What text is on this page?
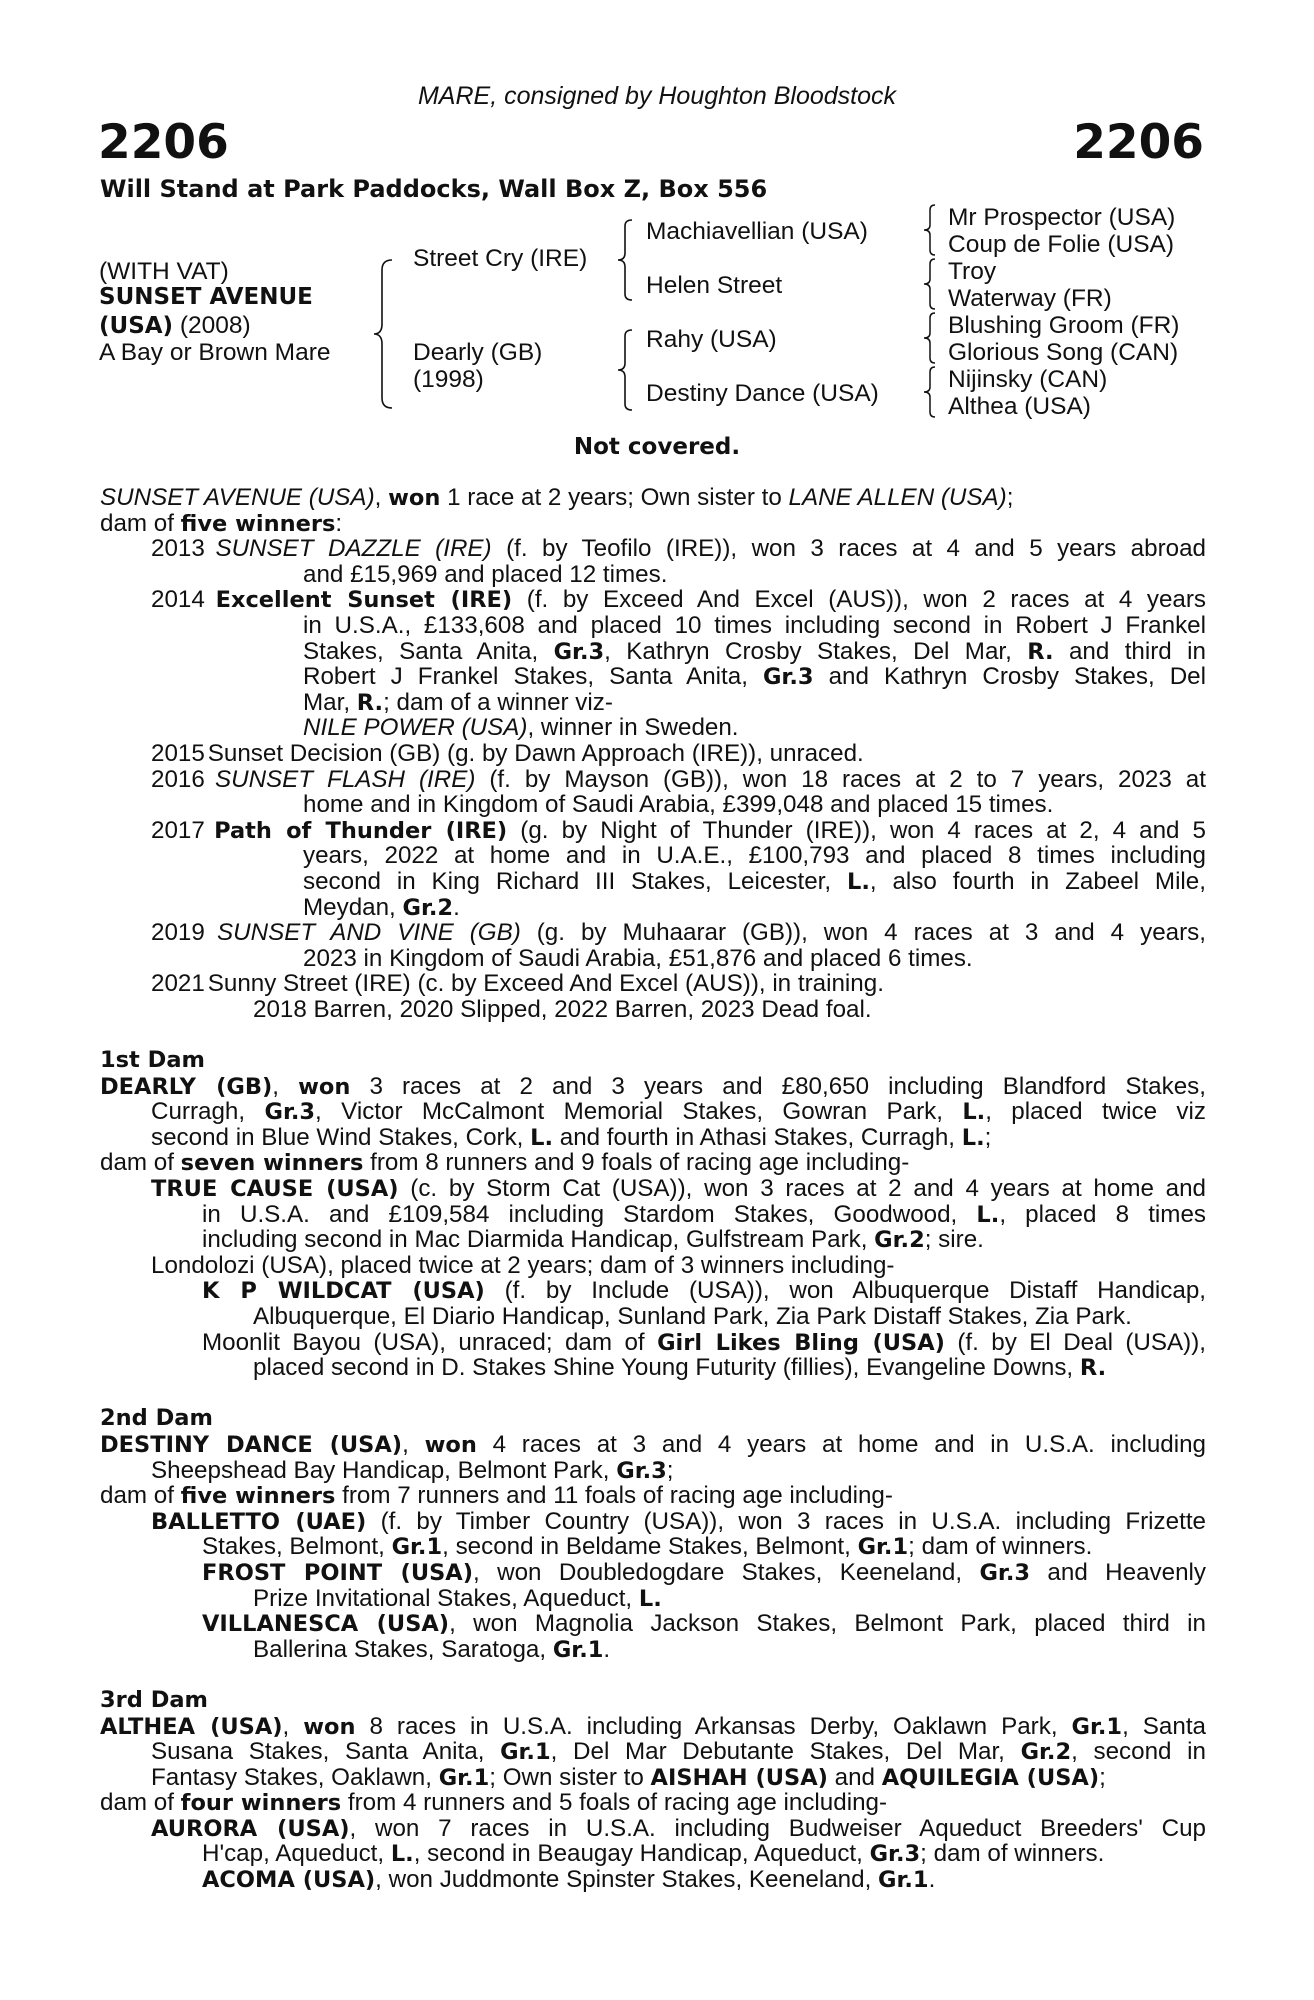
MARE, consigned by Houghton Bloodstock
2206	2206
Will Stand at Park Paddocks, Wall Box Z, Box 556
(WITH VAT)
SUNSET AVENUE
(USA) (2008)
A Bay or Brown Mare
Street Cry (IRE)
Dearly (GB)
(1998)
Machiavellian (USA)
Helen Street
Rahy (USA)
Destiny Dance (USA)
Mr Prospector (USA)
Coup de Folie (USA)
Troy
Waterway (FR)
Blushing Groom (FR)
Glorious Song (CAN)
Nijinsky (CAN)
Althea (USA)
Not covered.
SUNSET AVENUE (USA), won 1 race at 2 years; Own sister to LANE ALLEN (USA);
dam of five winners:
2013 SUNSET DAZZLE (IRE) (f. by Teofilo (IRE)), won 3 races at 4 and 5 years abroad
and £15,969 and placed 12 times.
2014 Excellent Sunset (IRE) (f. by Exceed And Excel (AUS)), won 2 races at 4 years
in U.S.A., £133,608 and placed 10 times including second in Robert J Frankel
Stakes, Santa Anita, Gr.3, Kathryn Crosby Stakes, Del Mar, R. and third in
Robert J Frankel Stakes, Santa Anita, Gr.3 and Kathryn Crosby Stakes, Del
Mar, R.; dam of a winner viz-
NILE POWER (USA), winner in Sweden.
2015 Sunset Decision (GB) (g. by Dawn Approach (IRE)), unraced.
2016 SUNSET FLASH (IRE) (f. by Mayson (GB)), won 18 races at 2 to 7 years, 2023 at
home and in Kingdom of Saudi Arabia, £399,048 and placed 15 times.
2017 Path of Thunder (IRE) (g. by Night of Thunder (IRE)), won 4 races at 2, 4 and 5
years, 2022 at home and in U.A.E., £100,793 and placed 8 times including
second in King Richard III Stakes, Leicester, L., also fourth in Zabeel Mile,
Meydan, Gr.2.
2019 SUNSET AND VINE (GB) (g. by Muhaarar (GB)), won 4 races at 3 and 4 years,
2023 in Kingdom of Saudi Arabia, £51,876 and placed 6 times.
2021 Sunny Street (IRE) (c. by Exceed And Excel (AUS)), in training.
2018 Barren, 2020 Slipped, 2022 Barren, 2023 Dead foal.
1st Dam
DEARLY (GB), won 3 races at 2 and 3 years and £80,650 including Blandford Stakes,
Curragh, Gr.3, Victor McCalmont Memorial Stakes, Gowran Park, L., placed twice viz
second in Blue Wind Stakes, Cork, L. and fourth in Athasi Stakes, Curragh, L.;
dam of seven winners from 8 runners and 9 foals of racing age including-
TRUE CAUSE (USA) (c. by Storm Cat (USA)), won 3 races at 2 and 4 years at home and
in U.S.A. and £109,584 including Stardom Stakes, Goodwood, L., placed 8 times
including second in Mac Diarmida Handicap, Gulfstream Park, Gr.2; sire.
Londolozi (USA), placed twice at 2 years; dam of 3 winners including-
K P WILDCAT (USA) (f. by Include (USA)), won Albuquerque Distaff Handicap,
Albuquerque, El Diario Handicap, Sunland Park, Zia Park Distaff Stakes, Zia Park.
Moonlit Bayou (USA), unraced; dam of Girl Likes Bling (USA) (f. by El Deal (USA)),
placed second in D. Stakes Shine Young Futurity (fillies), Evangeline Downs, R.
2nd Dam
DESTINY DANCE (USA), won 4 races at 3 and 4 years at home and in U.S.A. including
Sheepshead Bay Handicap, Belmont Park, Gr.3;
dam of five winners from 7 runners and 11 foals of racing age including-
BALLETTO (UAE) (f. by Timber Country (USA)), won 3 races in U.S.A. including Frizette
Stakes, Belmont, Gr.1, second in Beldame Stakes, Belmont, Gr.1; dam of winners.
FROST POINT (USA), won Doubledogdare Stakes, Keeneland, Gr.3 and Heavenly
Prize Invitational Stakes, Aqueduct, L.
VILLANESCA (USA), won Magnolia Jackson Stakes, Belmont Park, placed third in
Ballerina Stakes, Saratoga, Gr.1.
3rd Dam
ALTHEA (USA), won 8 races in U.S.A. including Arkansas Derby, Oaklawn Park, Gr.1, Santa
Susana Stakes, Santa Anita, Gr.1, Del Mar Debutante Stakes, Del Mar, Gr.2, second in
Fantasy Stakes, Oaklawn, Gr.1; Own sister to AISHAH (USA) and AQUILEGIA (USA);
dam of four winners from 4 runners and 5 foals of racing age including-
AURORA (USA), won 7 races in U.S.A. including Budweiser Aqueduct Breeders' Cup
H'cap, Aqueduct, L., second in Beaugay Handicap, Aqueduct, Gr.3; dam of winners.
ACOMA (USA), won Juddmonte Spinster Stakes, Keeneland, Gr.1.
